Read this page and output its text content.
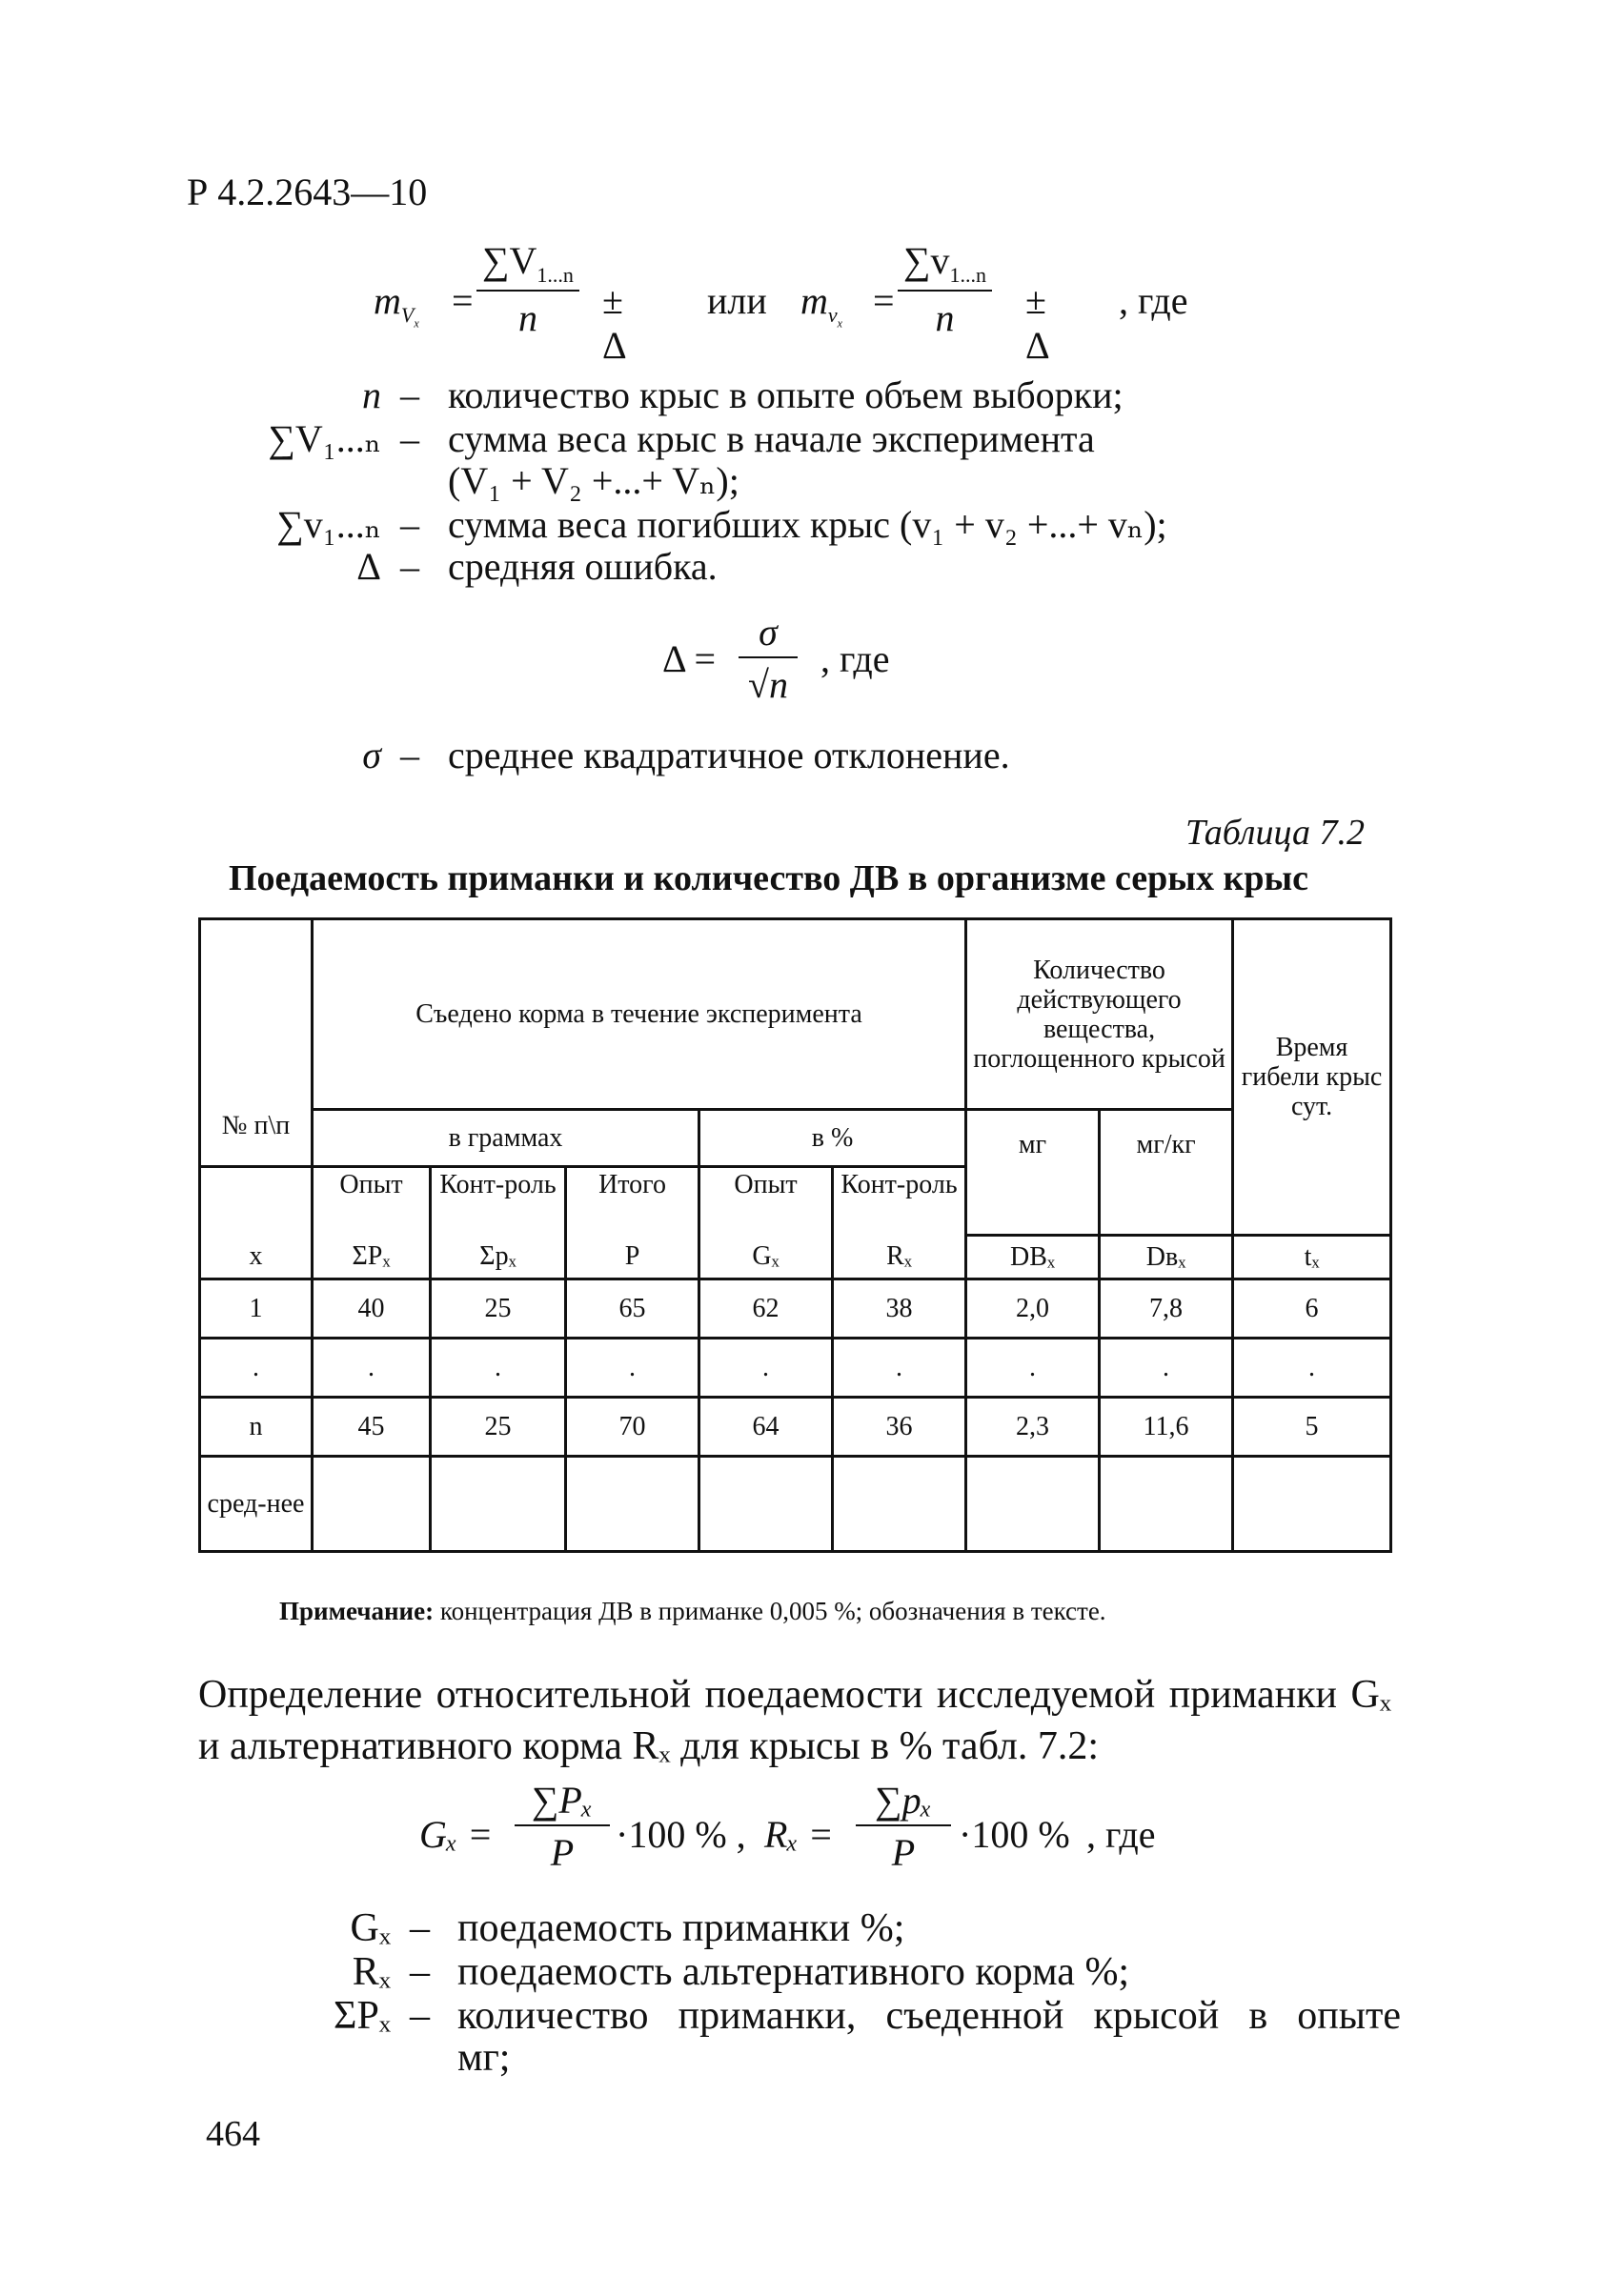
Р 4.2.2643—10
$m_{V_x}$
= $\frac{\sum V_{1...n}}{n} \pm \Delta$
или $m_{v_x}$
= $\frac{\sum v_{1...n}}{n} \pm \Delta$
, где
n – количество крыс в опыте объем выборки;
∑V₁...ₙ – сумма веса крыс в начале эксперимента
(V₁ + V₂ +...+ Vₙ);
∑v₁...ₙ – сумма веса погибших крыс (v₁ + v₂ +...+ vₙ);
Δ – средняя ошибка.
$\Delta = \frac{\sigma}{√n}$ , где
σ – среднее квадратичное отклонение.
Таблица 7.2
Поедаемость приманки и количество ДВ в организме серых крыс
№ п\п	Съедено корма в течение эксперимента					Количество действующего вещества, поглощенного крысой		Время гибели крыс сут.
	в граммах			в %		мг	мг/кг	
	Опыт	Конт-роль	Итого	Опыт	Конт-роль			
x	ΣPₓ	Σpₓ	P	Gₓ	Rₓ	DBₓ	Dвₓ	tₓ
1	40	25	65	62	38	2,0	7,8	6
.	.	.	.	.	.	.	.	.
n	45	25	70	64	36	2,3	11,6	5
сред-нее								
Примечание: концентрация ДВ в приманке 0,005 %; обозначения в тексте.
Определение относительной поедаемости исследуемой приманки Gₓ и альтернативного корма Rₓ для крысы в % табл. 7.2:
$G_x = \frac{\text{∑Pₓ}}{P} \cdot 100$ % , $R_x = \frac{\text{∑pₓ}}{P} \cdot 100$ % , где
Gₓ – поедаемость приманки %;
Rₓ – поедаемость альтернативного корма %;
ΣPₓ – количество приманки, съеденной крысой в опыте
мг;
464
